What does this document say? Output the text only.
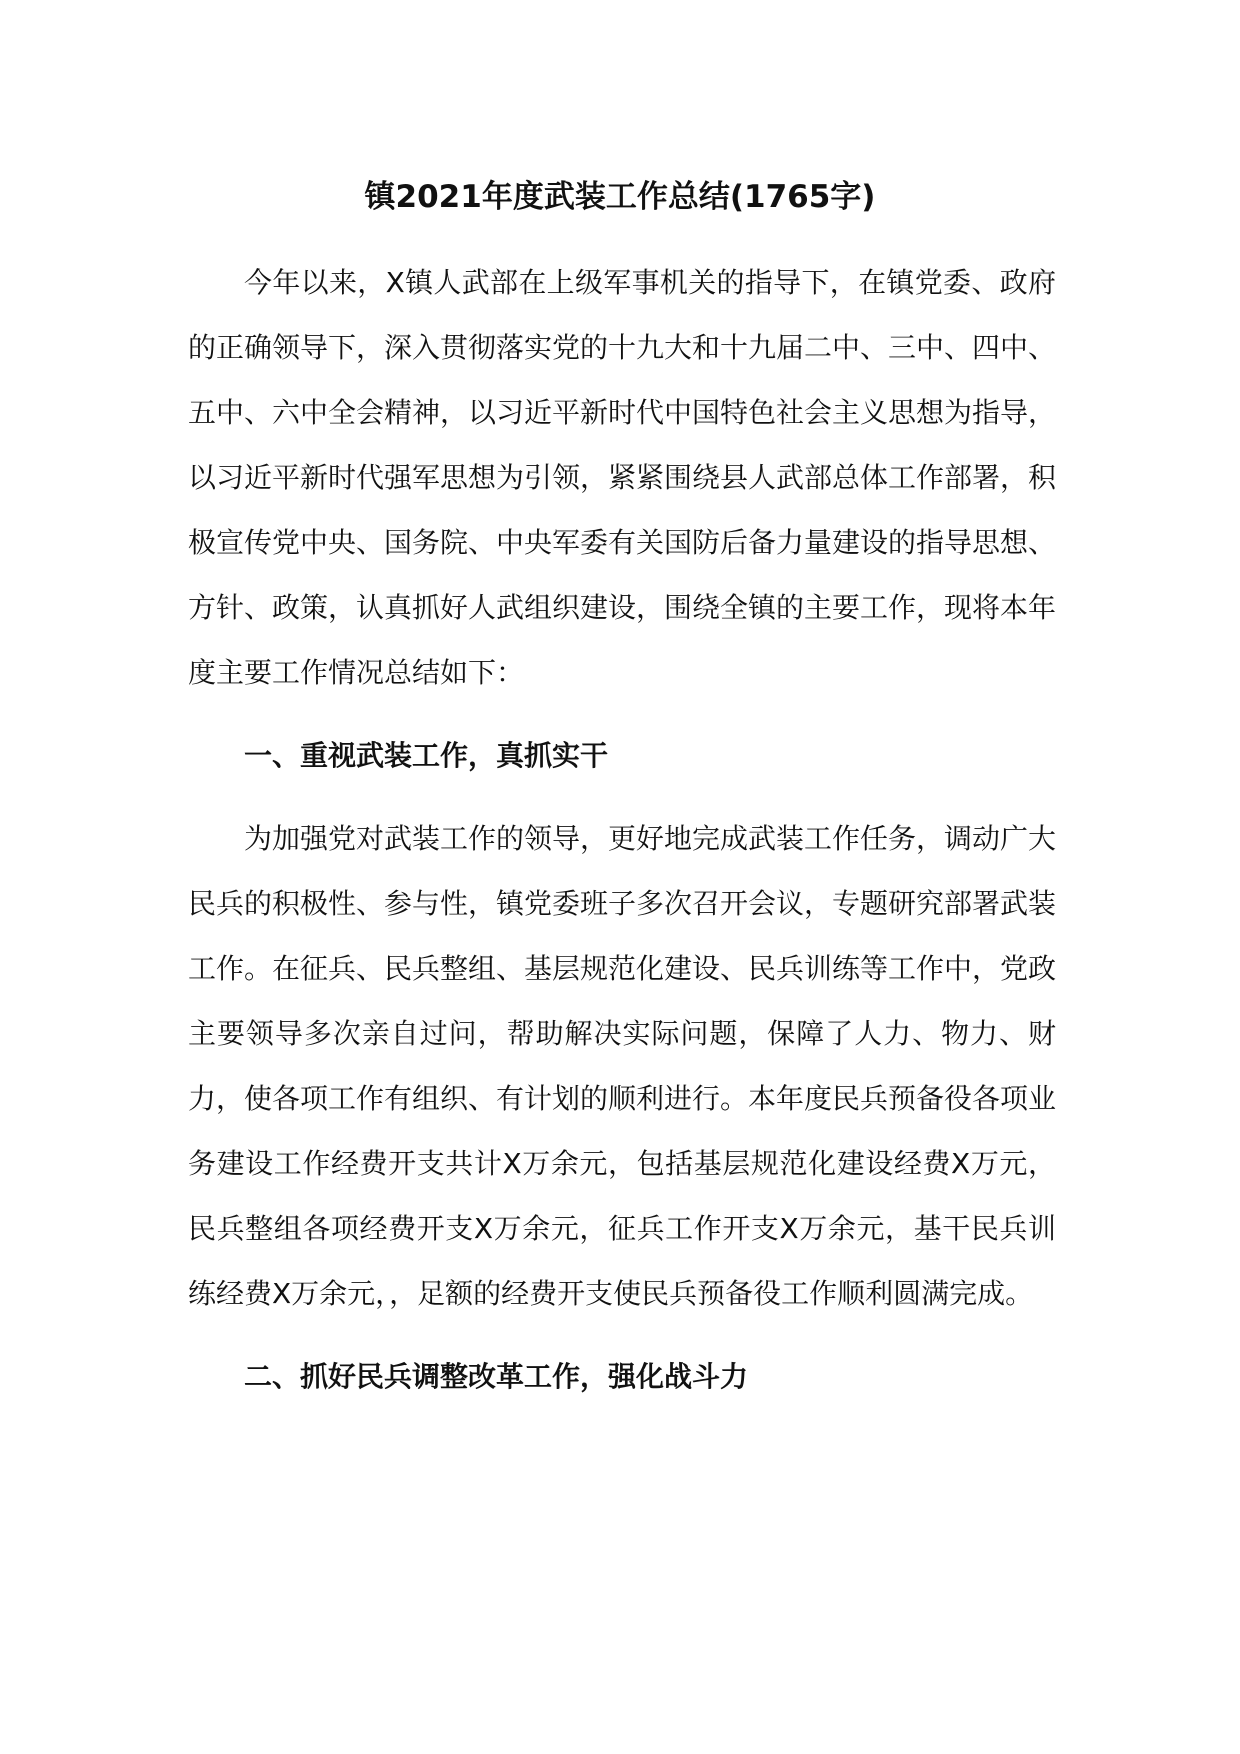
镇2021年度武装工作总结(1765字)

今年以来，X镇人武部在上级军事机关的指导下，在镇党委、政府的正确领导下，深入贯彻落实党的十九大和十九届二中、三中、四中、五中、六中全会精神，以习近平新时代中国特色社会主义思想为指导，以习近平新时代强军思想为引领，紧紧围绕县人武部总体工作部署，积极宣传党中央、国务院、中央军委有关国防后备力量建设的指导思想、方针、政策，认真抓好人武组织建设，围绕全镇的主要工作，现将本年度主要工作情况总结如下：

一、重视武装工作，真抓实干

为加强党对武装工作的领导，更好地完成武装工作任务，调动广大民兵的积极性、参与性，镇党委班子多次召开会议，专题研究部署武装工作。在征兵、民兵整组、基层规范化建设、民兵训练等工作中，党政主要领导多次亲自过问，帮助解决实际问题，保障了人力、物力、财力，使各项工作有组织、有计划的顺利进行。本年度民兵预备役各项业务建设工作经费开支共计X万余元，包括基层规范化建设经费X万元，民兵整组各项经费开支X万余元，征兵工作开支X万余元，基干民兵训练经费X万余元，，足额的经费开支使民兵预备役工作顺利圆满完成。

二、抓好民兵调整改革工作，强化战斗力
